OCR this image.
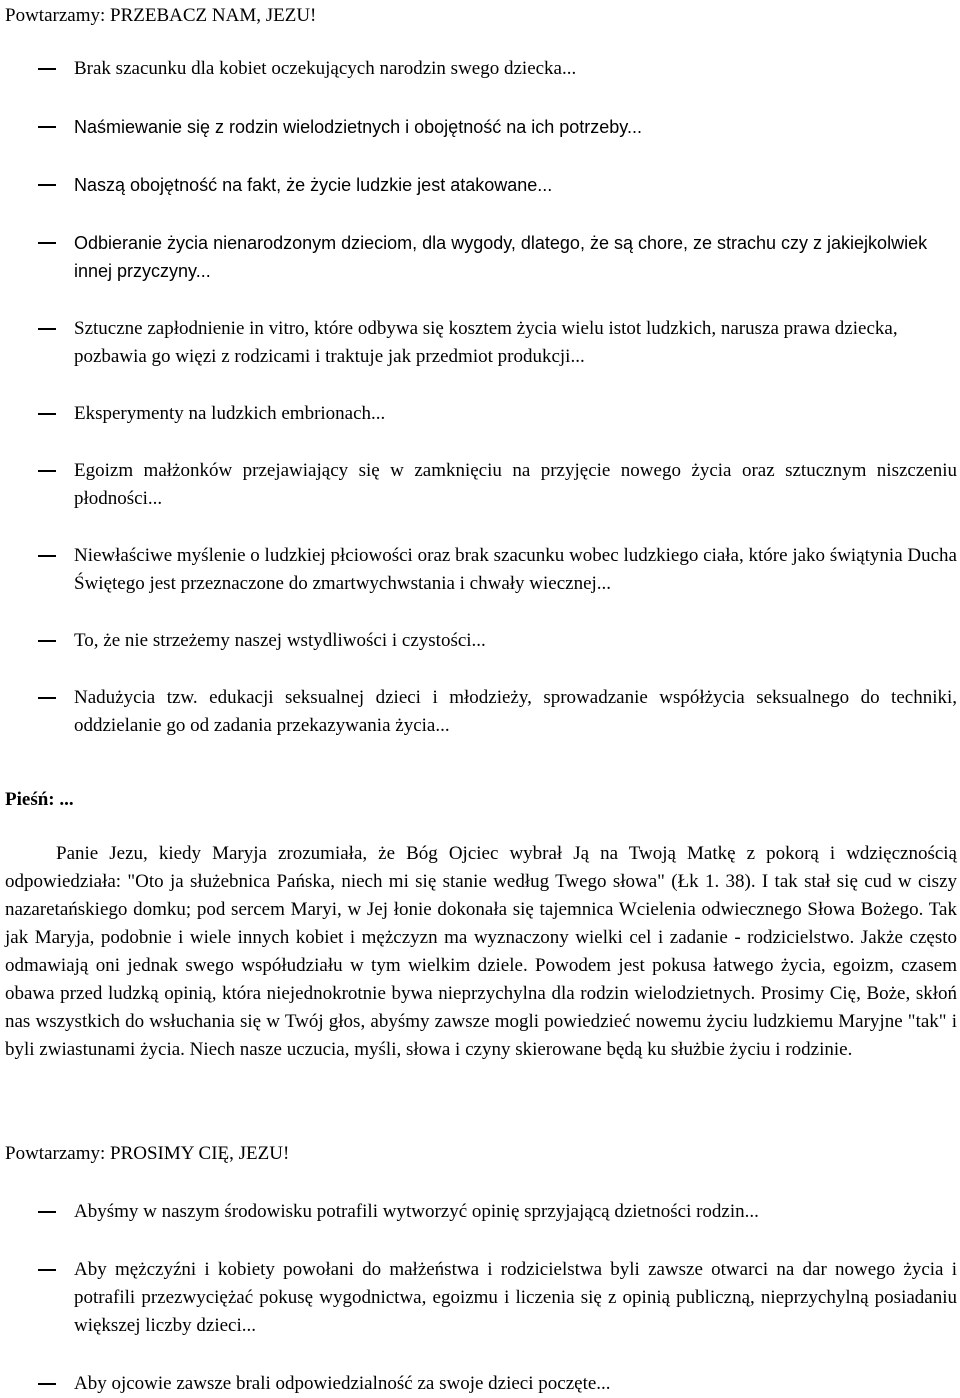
Powtarzamy: PRZEBACZ NAM, JEZU!
Brak szacunku dla kobiet oczekujących narodzin swego dziecka...
Naśmiewanie się z rodzin wielodzietnych i obojętność na ich potrzeby...
Naszą obojętność na fakt, że życie ludzkie jest atakowane...
Odbieranie życia nienarodzonym dzieciom, dla wygody, dlatego, że są chore, ze strachu czy z jakiejkolwiek innej przyczyny...
Sztuczne zapłodnienie in vitro, które odbywa się kosztem życia wielu istot ludzkich, narusza prawa dziecka, pozbawia go więzi z rodzicami i traktuje jak przedmiot produkcji...
Eksperymenty na ludzkich embrionach...
Egoizm małżonków przejawiający się w zamknięciu na przyjęcie nowego życia oraz sztucznym niszczeniu płodności...
Niewłaściwe myślenie o ludzkiej płciowości oraz brak szacunku wobec ludzkiego ciała, które jako świątynia Ducha Świętego jest przeznaczone do zmartwychwstania i chwały wiecznej...
To, że nie strzeżemy naszej wstydliwości i czystości...
Nadużycia tzw. edukacji seksualnej dzieci i młodzieży, sprowadzanie współżycia seksualnego do techniki, oddzielanie go od zadania przekazywania życia...
Pieśń: ...
Panie Jezu, kiedy Maryja zrozumiała, że Bóg Ojciec wybrał Ją na Twoją Matkę z pokorą i wdzięcznością odpowiedziała: "Oto ja służebnica Pańska, niech mi się stanie według Twego słowa" (Łk 1. 38). I tak stał się cud w ciszy nazaretańskiego domku; pod sercem Maryi, w Jej łonie dokonała się tajemnica Wcielenia odwiecznego Słowa Bożego. Tak jak Maryja, podobnie i wiele innych kobiet i mężczyzn ma wyznaczony wielki cel i zadanie - rodzicielstwo. Jakże często odmawiają oni jednak swego współudziału w tym wielkim dziele. Powodem jest pokusa łatwego życia, egoizm, czasem obawa przed ludzką opinią, która niejednokrotnie bywa nieprzychylna dla rodzin wielodzietnych. Prosimy Cię, Boże, skłoń nas wszystkich do wsłuchania się w Twój głos, abyśmy zawsze mogli powiedzieć nowemu życiu ludzkiemu Maryjne "tak" i byli zwiastunami życia. Niech nasze uczucia, myśli, słowa i czyny skierowane będą ku służbie życiu i rodzinie.
Powtarzamy: PROSIMY CIĘ, JEZU!
Abyśmy w naszym środowisku potrafili wytworzyć opinię sprzyjającą dzietności rodzin...
Aby mężczyźni i kobiety powołani do małżeństwa i rodzicielstwa byli zawsze otwarci na dar nowego życia i potrafili przezwyciężać pokusę wygodnictwa, egoizmu i liczenia się z opinią publiczną, nieprzychylną posiadaniu większej liczby dzieci...
Aby ojcowie zawsze brali odpowiedzialność za swoje dzieci poczęte...
